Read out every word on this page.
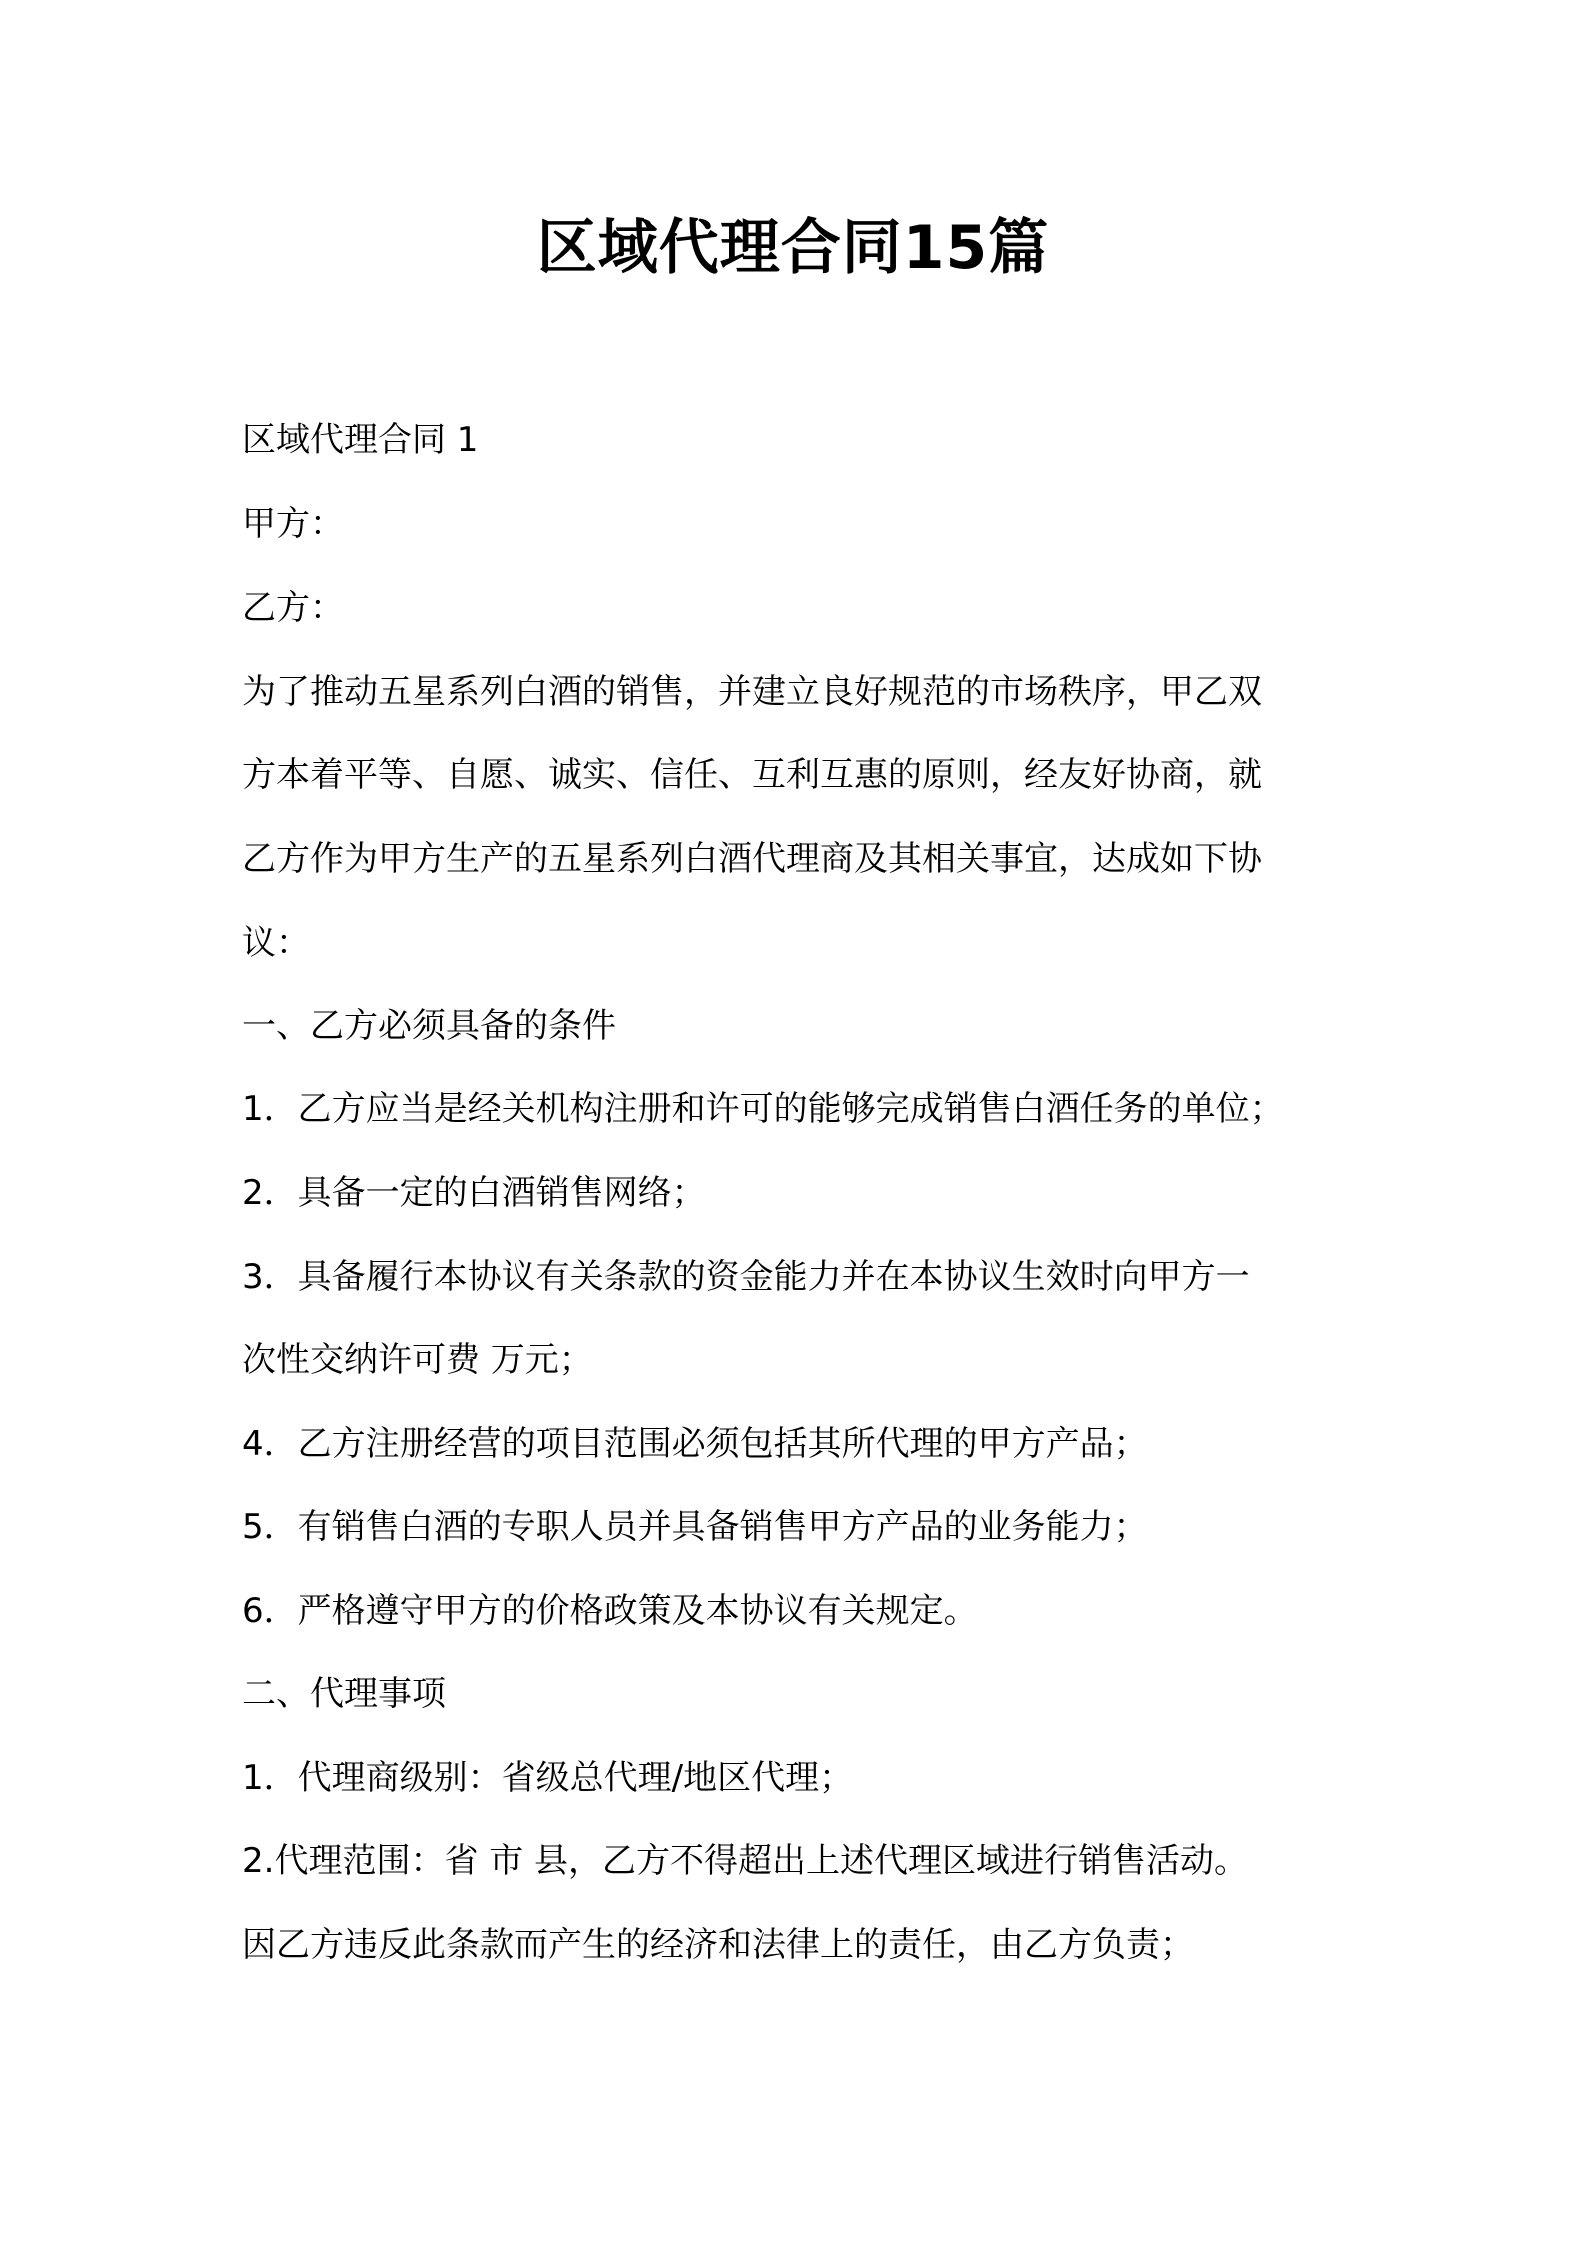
区域代理合同15篇

区域代理合同 1

甲方：

乙方：

为了推动五星系列白酒的销售，并建立良好规范的市场秩序，甲乙双

方本着平等、自愿、诚实、信任、互利互惠的原则，经友好协商，就

乙方作为甲方生产的五星系列白酒代理商及其相关事宜，达成如下协

议：

一、乙方必须具备的条件

1．乙方应当是经关机构注册和许可的能够完成销售白酒任务的单位；

2．具备一定的白酒销售网络；

3．具备履行本协议有关条款的资金能力并在本协议生效时向甲方一

次性交纳许可费 万元；

4．乙方注册经营的项目范围必须包括其所代理的甲方产品；

5．有销售白酒的专职人员并具备销售甲方产品的业务能力；

6．严格遵守甲方的价格政策及本协议有关规定。

二、代理事项

1．代理商级别：省级总代理/地区代理；

2.代理范围：省 市 县，乙方不得超出上述代理区域进行销售活动。

因乙方违反此条款而产生的经济和法律上的责任，由乙方负责；
